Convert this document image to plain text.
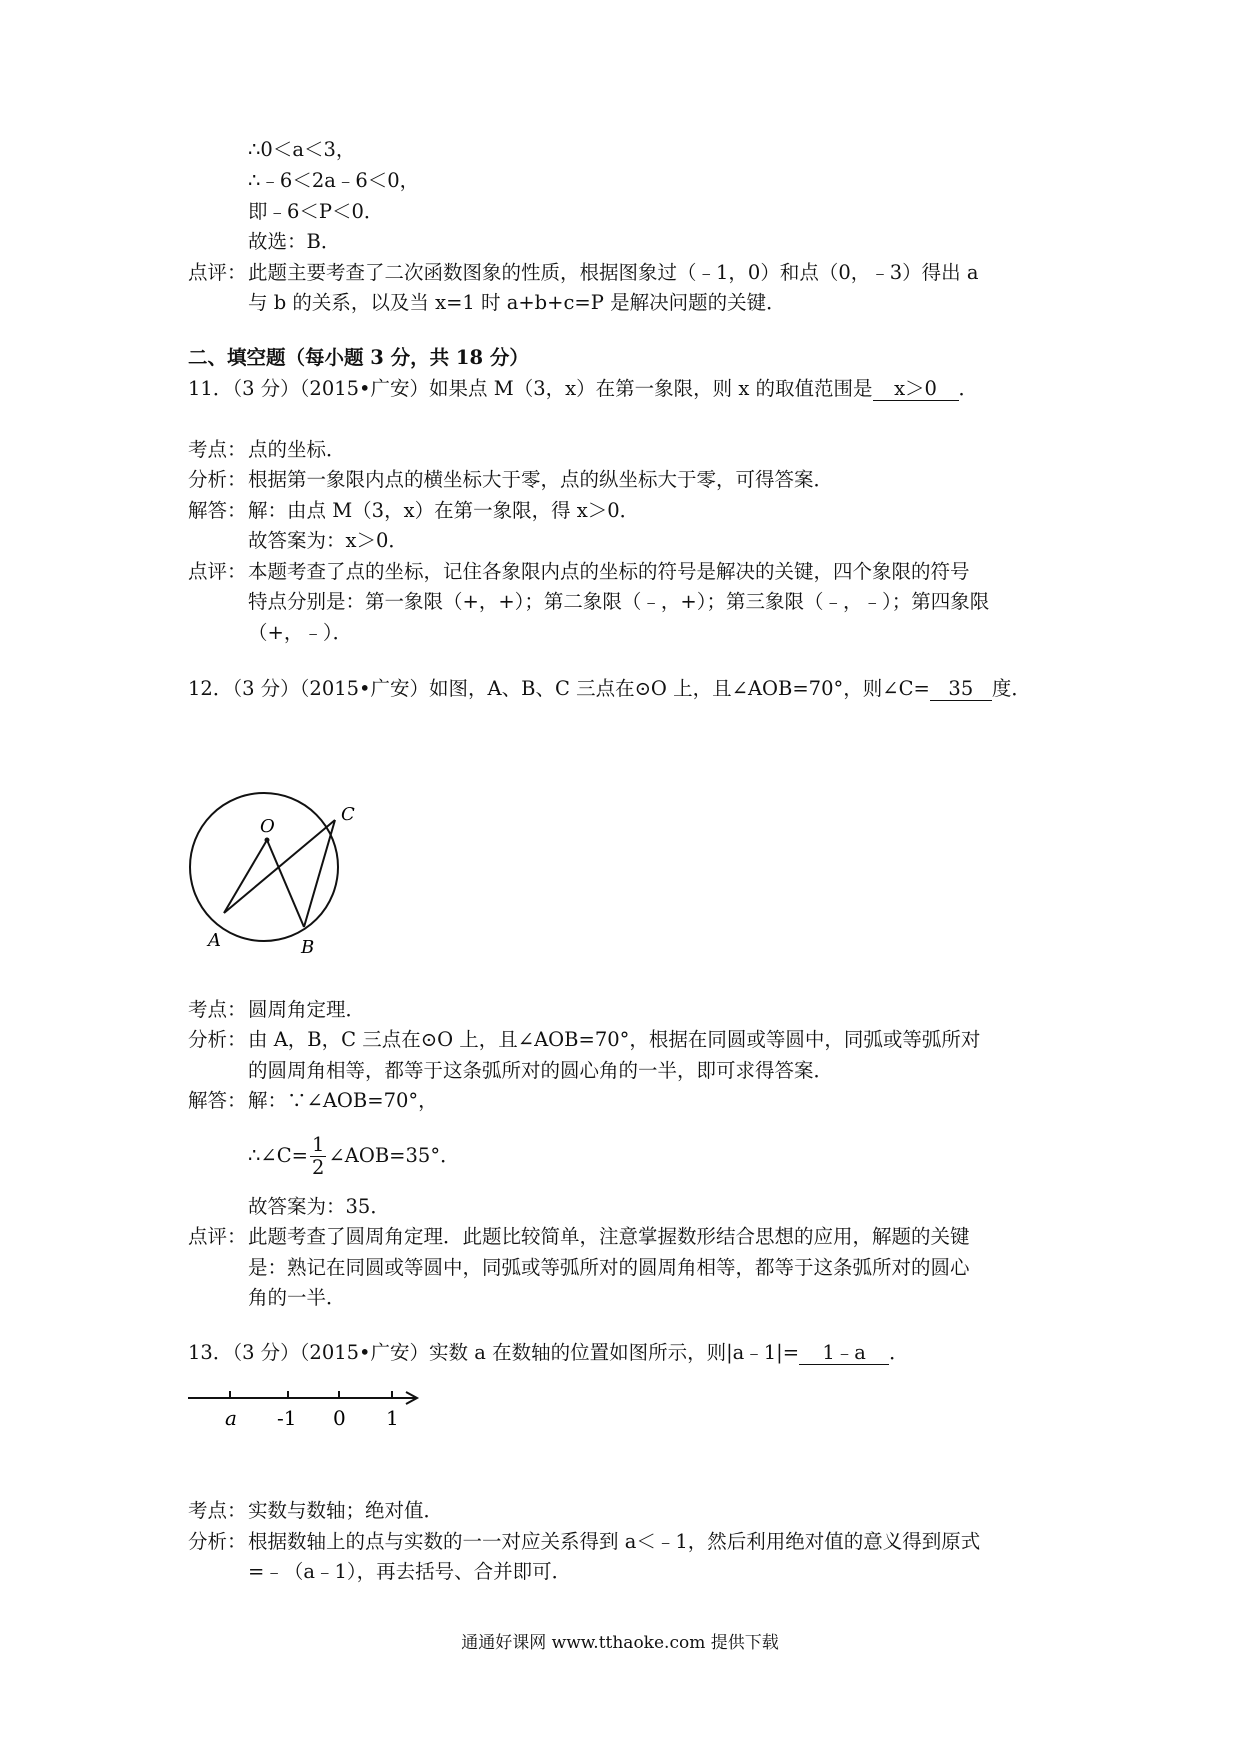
∴0＜a＜3，
∴﹣6＜2a﹣6＜0，
即﹣6＜P＜0．
故选：B．
点评： 此题主要考查了二次函数图象的性质，根据图象过（﹣1，0）和点（0，﹣3）得出 a
与 b 的关系，以及当 x=1 时 a+b+c=P 是解决问题的关键．
二、填空题（每小题 3 分，共 18 分）
11．（3 分）（2015•广安）如果点 M（3，x）在第一象限，则 x 的取值范围是 x＞0 ．
考点： 点的坐标．
分析： 根据第一象限内点的横坐标大于零，点的纵坐标大于零，可得答案．
解答： 解：由点 M（3，x）在第一象限，得 x＞0．
故答案为：x＞0．
点评： 本题考查了点的坐标，记住各象限内点的坐标的符号是解决的关键，四个象限的符号
特点分别是：第一象限（+，+）；第二象限（﹣，+）；第三象限（﹣，﹣）；第四象限
（+，﹣）．
12．（3 分）（2015•广安）如图，A、B、C 三点在⊙O 上，且∠AOB=70°，则∠C= 35 度．
O
A	B
C
考点： 圆周角定理．
分析： 由 A，B，C 三点在⊙O 上，且∠AOB=70°，根据在同圆或等圆中，同弧或等弧所对
的圆周角相等，都等于这条弧所对的圆心角的一半，即可求得答案．
解答： 解：∵∠AOB=70°，
∴∠C= $\frac{1}{2}$ ∠AOB=35°．
故答案为：35．
点评： 此题考查了圆周角定理．此题比较简单，注意掌握数形结合思想的应用，解题的关键
是：熟记在同圆或等圆中，同弧或等弧所对的圆周角相等，都等于这条弧所对的圆心
角的一半．
13．（3 分）（2015•广安）实数 a 在数轴的位置如图所示，则|a﹣1|= 1﹣a ．
a -1 0 1
考点： 实数与数轴；绝对值．
分析： 根据数轴上的点与实数的一一对应关系得到 a＜﹣1，然后利用绝对值的意义得到原式
=﹣（a﹣1），再去括号、合并即可．
通通好课网 www.tthaoke.com 提供下载
